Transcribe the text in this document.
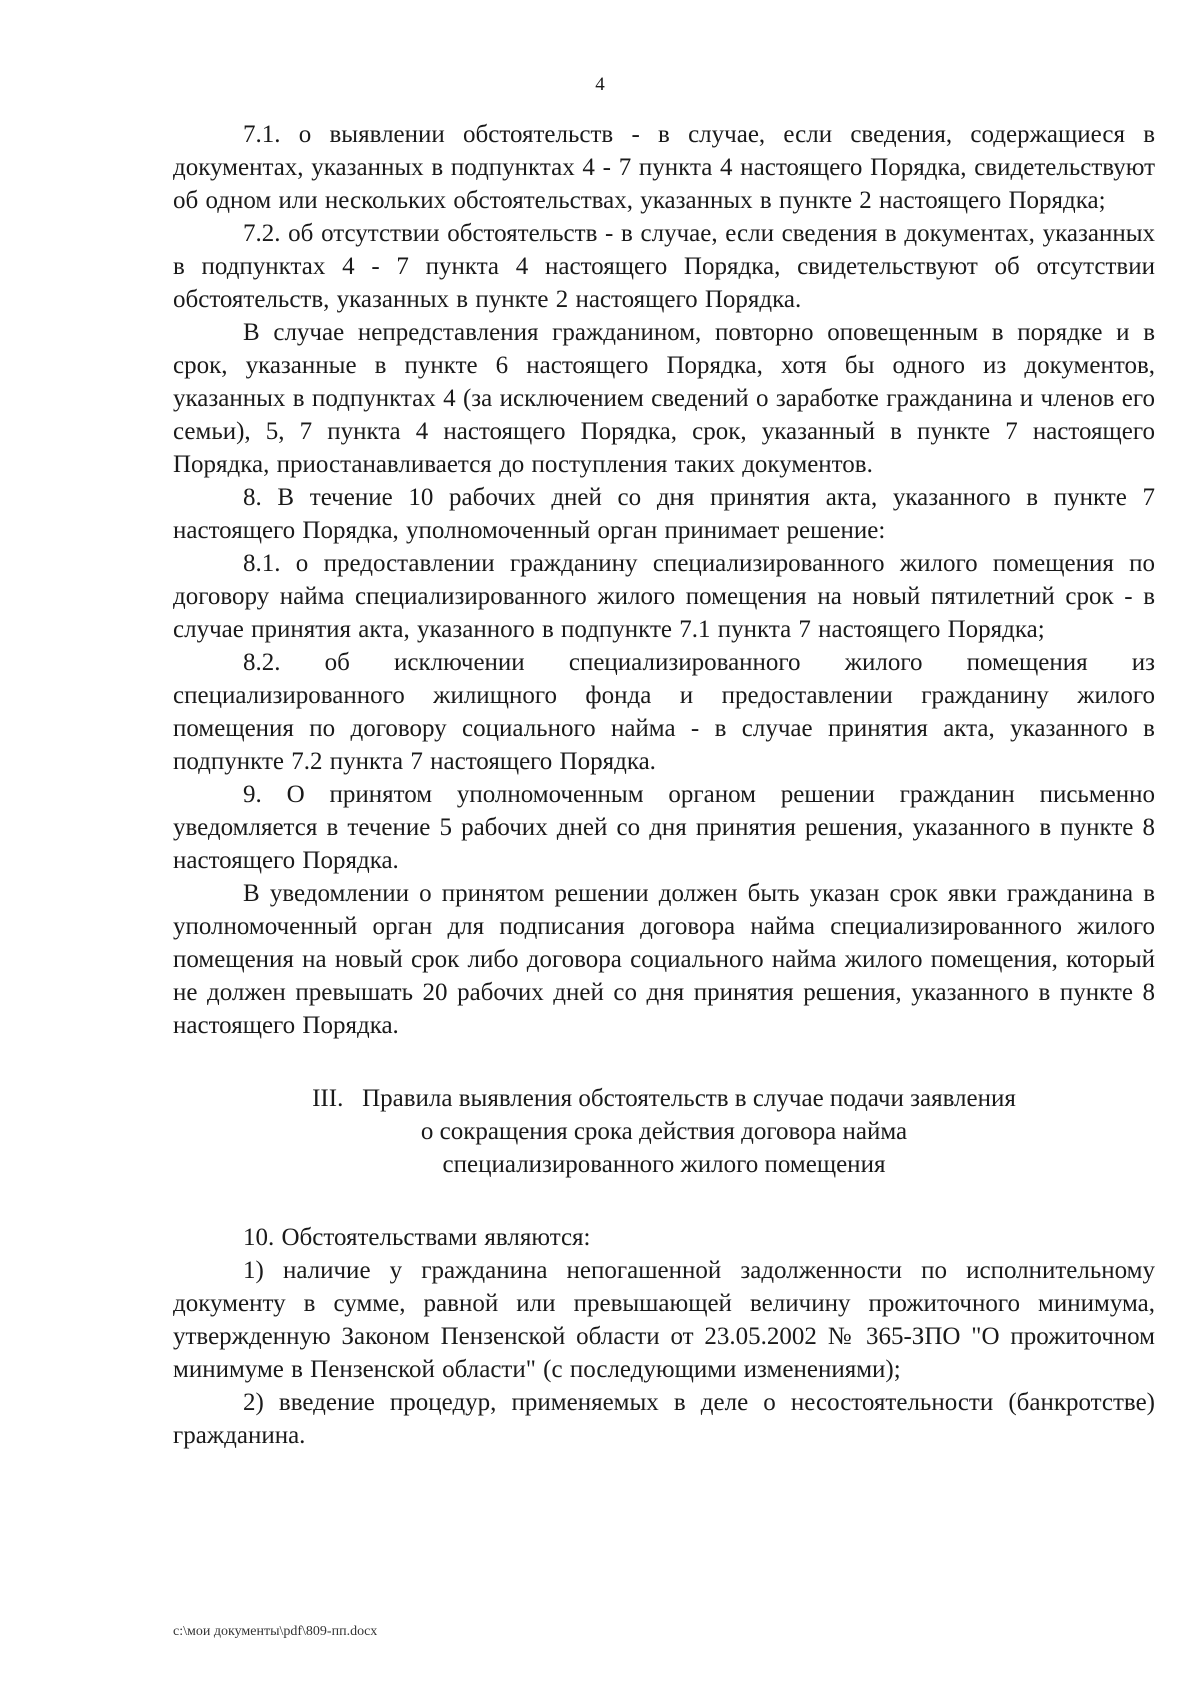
4

7.1. о выявлении обстоятельств - в случае, если сведения, содержащиеся в документах, указанных в подпунктах 4 - 7 пункта 4 настоящего Порядка, свидетельствуют об одном или нескольких обстоятельствах, указанных в пункте 2 настоящего Порядка;

7.2. об отсутствии обстоятельств - в случае, если сведения в документах, указанных в подпунктах 4 - 7 пункта 4 настоящего Порядка, свидетельствуют об отсутствии обстоятельств, указанных в пункте 2 настоящего Порядка.

В случае непредставления гражданином, повторно оповещенным в порядке и в срок, указанные в пункте 6 настоящего Порядка, хотя бы одного из документов, указанных в подпунктах 4 (за исключением сведений о заработке гражданина и членов его семьи), 5, 7 пункта 4 настоящего Порядка, срок, указанный в пункте 7 настоящего Порядка, приостанавливается до поступления таких документов.

8. В течение 10 рабочих дней со дня принятия акта, указанного в пункте 7 настоящего Порядка, уполномоченный орган принимает решение:

8.1. о предоставлении гражданину специализированного жилого помещения по договору найма специализированного жилого помещения на новый пятилетний срок - в случае принятия акта, указанного в подпункте 7.1 пункта 7 настоящего Порядка;

8.2. об исключении специализированного жилого помещения из специализированного жилищного фонда и предоставлении гражданину жилого помещения по договору социального найма - в случае принятия акта, указанного в подпункте 7.2 пункта 7 настоящего Порядка.

9. О принятом уполномоченным органом решении гражданин письменно уведомляется в течение 5 рабочих дней со дня принятия решения, указанного в пункте 8 настоящего Порядка.

В уведомлении о принятом решении должен быть указан срок явки гражданина в уполномоченный орган для подписания договора найма специализированного жилого помещения на новый срок либо договора социального найма жилого помещения, который не должен превышать 20 рабочих дней со дня принятия решения, указанного в пункте 8 настоящего Порядка.

III.   Правила выявления обстоятельств в случае подачи заявления
о сокращения срока действия договора найма
специализированного жилого помещения

10. Обстоятельствами являются:

1) наличие у гражданина непогашенной задолженности по исполнительному документу в сумме, равной или превышающей величину прожиточного минимума, утвержденную Законом Пензенской области от 23.05.2002 № 365-ЗПО "О прожиточном минимуме в Пензенской области" (с последующими изменениями);

2) введение процедур, применяемых в деле о несостоятельности (банкротстве) гражданина.

c:\мои документы\pdf\809-пп.docx
